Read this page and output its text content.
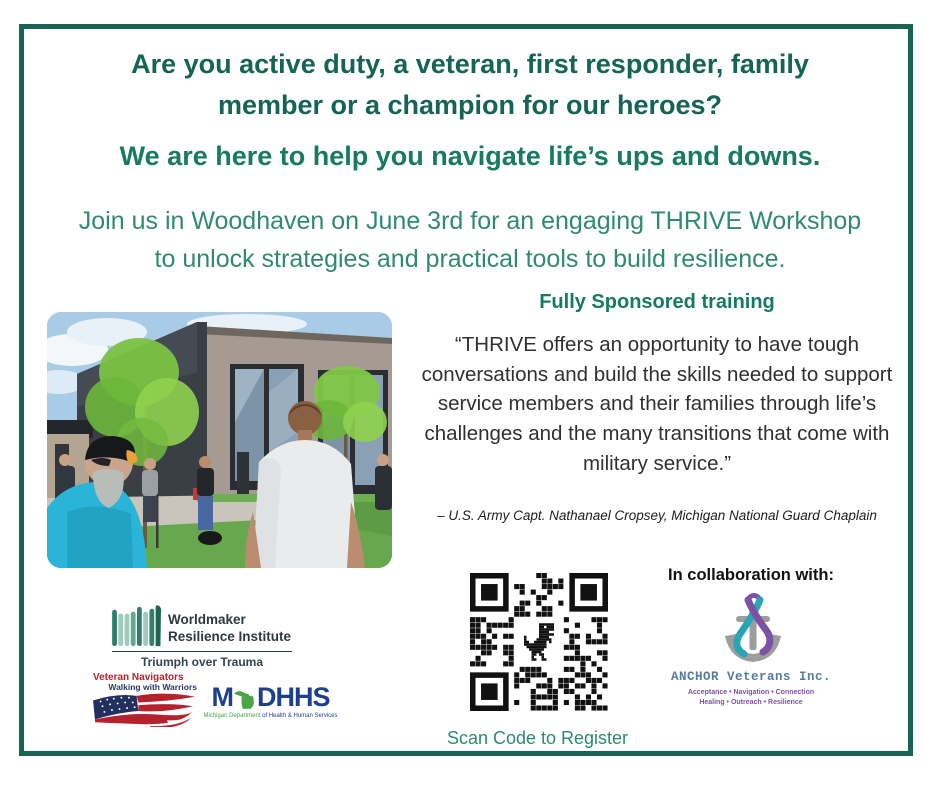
Are you active duty, a veteran, first responder, family
member or a champion for our heroes?
We are here to help you navigate life’s ups and downs.
Join us in Woodhaven on June 3rd for an engaging THRIVE Workshop
to unlock strategies and practical tools to build resilience.
Fully Sponsored training
“THRIVE offers an opportunity to have tough conversations and build the skills needed to support service members and their families through life’s challenges and the many transitions that come with military service.”
– U.S. Army Capt. Nathanael Cropsey, Michigan National Guard Chaplain
Scan Code to Register
In collaboration with:
ANCHOR Veterans Inc.
Acceptance • Navigation • Connection
Healing • Outreach • Resilience
Worldmaker
Resilience Institute
Triumph over Trauma
Veteran Navigators
Walking with Warriors M DHHS
Michigan Department of Health & Human Services
